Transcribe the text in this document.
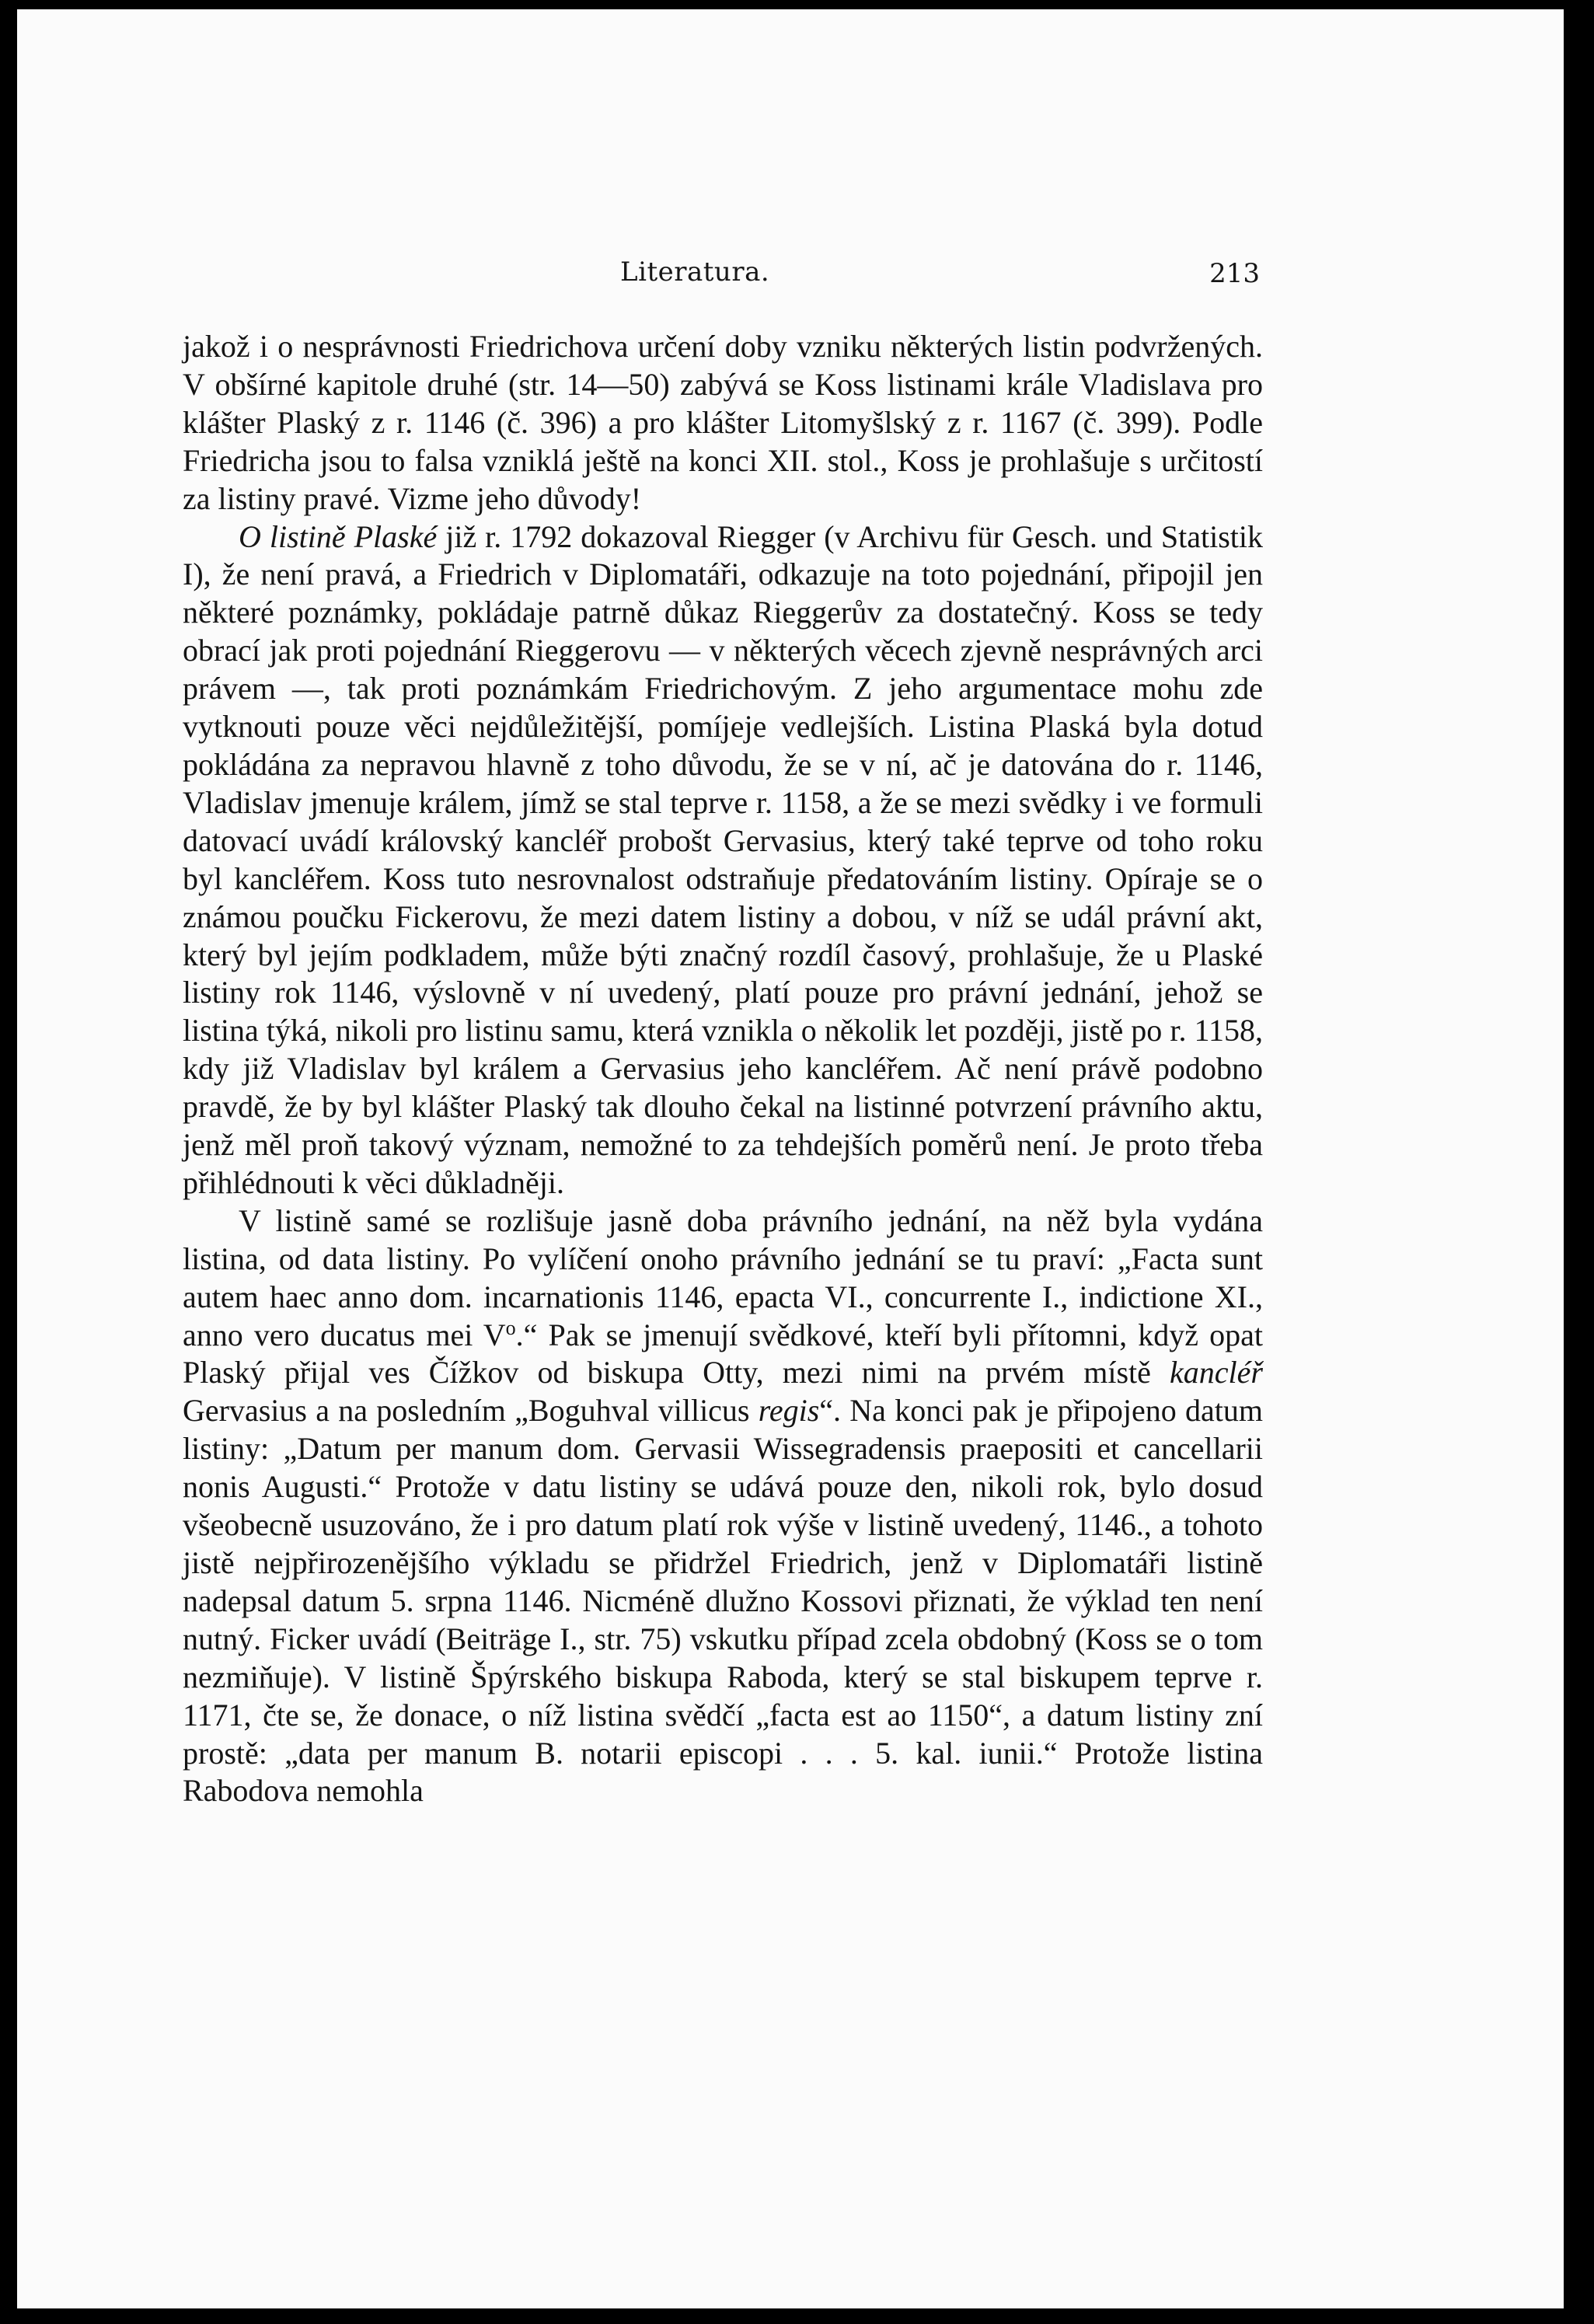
Literatura.	213

jakož i o nesprávnosti Friedrichova určení doby vzniku některých listin podvržených. V obšírné kapitole druhé (str. 14—50) zabývá se Koss listinami krále Vladislava pro klášter Plaský z r. 1146 (č. 396) a pro klášter Litomyšlský z r. 1167 (č. 399). Podle Friedricha jsou to falsa vzniklá ještě na konci XII. stol., Koss je prohlašuje s určitostí za listiny pravé. Vizme jeho důvody!

O listině Plaské již r. 1792 dokazoval Riegger (v Archivu für Gesch. und Statistik I), že není pravá, a Friedrich v Diplomatáři, odkazuje na toto pojednání, připojil jen některé poznámky, pokládaje patrně důkaz Rieggerův za dostatečný. Koss se tedy obrací jak proti pojednání Rieggerovu — v některých věcech zjevně nesprávných arci právem —, tak proti poznámkám Friedrichovým. Z jeho argumentace mohu zde vytknouti pouze věci nejdůležitější, pomíjeje vedlejších. Listina Plaská byla dotud pokládána za nepravou hlavně z toho důvodu, že se v ní, ač je datována do r. 1146, Vladislav jmenuje králem, jímž se stal teprve r. 1158, a že se mezi svědky i ve formuli datovací uvádí královský kancléř probošt Gervasius, který také teprve od toho roku byl kancléřem. Koss tuto nesrovnalost odstraňuje předatováním listiny. Opíraje se o známou poučku Fickerovu, že mezi datem listiny a dobou, v níž se udál právní akt, který byl jejím podkladem, může býti značný rozdíl časový, prohlašuje, že u Plaské listiny rok 1146, výslovně v ní uvedený, platí pouze pro právní jednání, jehož se listina týká, nikoli pro listinu samu, která vznikla o několik let později, jistě po r. 1158, kdy již Vladislav byl králem a Gervasius jeho kancléřem. Ač není právě podobno pravdě, že by byl klášter Plaský tak dlouho čekal na listinné potvrzení právního aktu, jenž měl proň takový význam, nemožné to za tehdejších poměrů není. Je proto třeba přihlédnouti k věci důkladněji.

V listině samé se rozlišuje jasně doba právního jednání, na něž byla vydána listina, od data listiny. Po vylíčení onoho právního jednání se tu praví: „Facta sunt autem haec anno dom. incarnationis 1146, epacta VI., concurrente I., indictione XI., anno vero ducatus mei $V^o.“$ Pak se jmenují svědkové, kteří byli přítomni, když opat Plaský přijal ves Čížkov od biskupa Otty, mezi nimi na prvém místě kancléř Gervasius a na posledním „Boguhval villicus regis“. Na konci pak je připojeno datum listiny: „Datum per manum dom. Gervasii Wissegradensis praepositi et cancellarii nonis Augusti.“ Protože v datu listiny se udává pouze den, nikoli rok, bylo dosud všeobecně usuzováno, že i pro datum platí rok výše v listině uvedený, 1146., a tohoto jistě nejpřirozenějšího výkladu se přidržel Friedrich, jenž v Diplomatáři listině nadepsal datum 5. srpna 1146. Nicméně dlužno Kossovi přiznati, že výklad ten není nutný. Ficker uvádí (Beiträge I., str. 75) vskutku případ zcela obdobný (Koss se o tom nezmiňuje). V listině Špýrského biskupa Raboda, který se stal biskupem teprve r. 1171, čte se, že donace, o níž listina svědčí „facta est ao 1150“, a datum listiny zní prostě: „data per manum B. notarii episcopi . . . 5. kal. iunii.“ Protože listina Rabodova nemohla
